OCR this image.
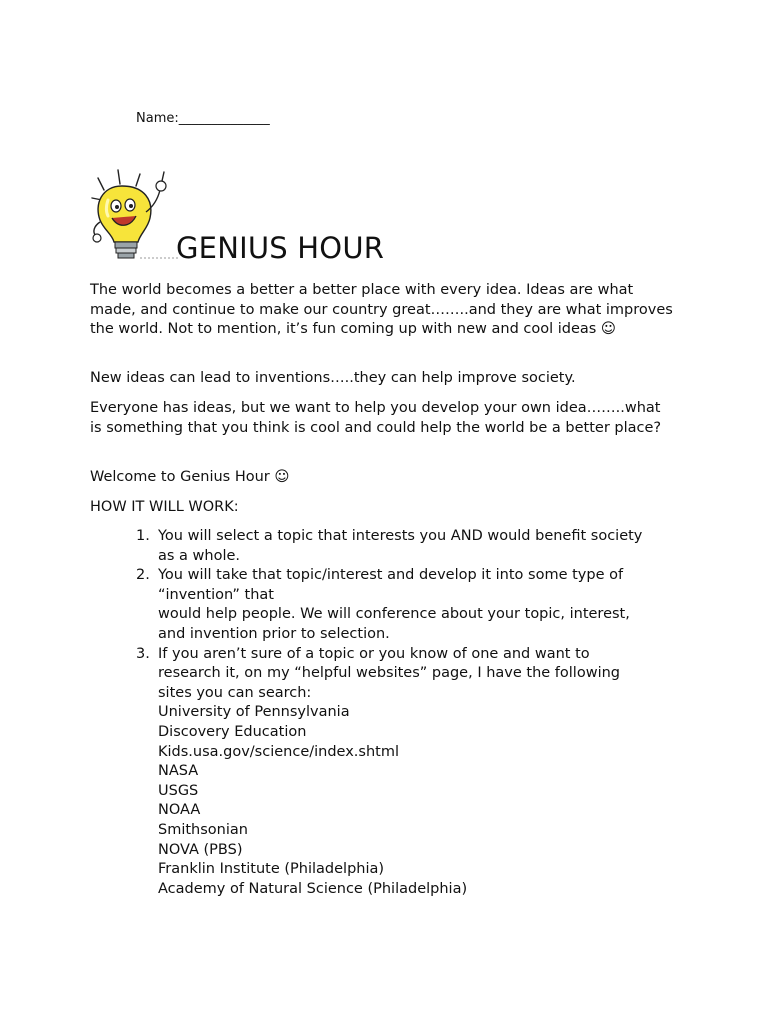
Name:______________
GENIUS HOUR
The world becomes a better a better place with every idea. Ideas are what made, and continue to make our country great……..and they are what improves the world. Not to mention, it’s fun coming up with new and cool ideas ☺
New ideas can lead to inventions…..they can help improve society.
Everyone has ideas, but we want to help you develop your own idea……..what is something that you think is cool and could help the world be a better place?
Welcome to Genius Hour ☺
HOW IT WILL WORK:
1. You will select a topic that interests you AND would benefit society
as a whole.
2. You will take that topic/interest and develop it into some type of
“invention” that
would help people. We will conference about your topic, interest,
and invention prior to selection.
3. If you aren’t sure of a topic or you know of one and want to
research it, on my “helpful websites” page, I have the following
sites you can search:

University of Pennsylvania
Discovery Education
Kids.usa.gov/science/index.shtml
NASA
USGS
NOAA
Smithsonian
NOVA (PBS)
Franklin Institute (Philadelphia)
Academy of Natural Science (Philadelphia)
